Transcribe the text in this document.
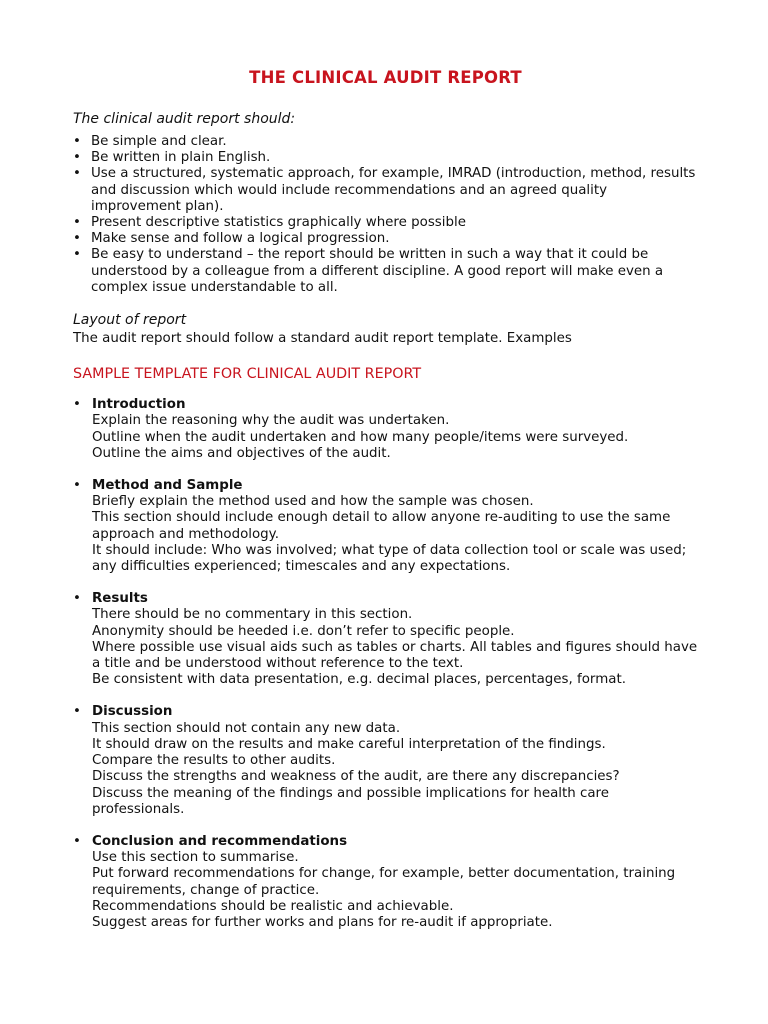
THE CLINICAL AUDIT REPORT
The clinical audit report should:
• Be simple and clear.
• Be written in plain English.
• Use a structured, systematic approach, for example, IMRAD (introduction, method, results and discussion which would include recommendations and an agreed quality improvement plan).
• Present descriptive statistics graphically where possible
• Make sense and follow a logical progression.
• Be easy to understand – the report should be written in such a way that it could be understood by a colleague from a different discipline. A good report will make even a complex issue understandable to all.
Layout of report

The audit report should follow a standard audit report template. Examples

SAMPLE TEMPLATE FOR CLINICAL AUDIT REPORT
• Introduction
Explain the reasoning why the audit was undertaken.
Outline when the audit undertaken and how many people/items were surveyed.
Outline the aims and objectives of the audit.
• Method and Sample
Briefly explain the method used and how the sample was chosen.
This section should include enough detail to allow anyone re-auditing to use the same approach and methodology.
It should include: Who was involved; what type of data collection tool or scale was used; any difficulties experienced; timescales and any expectations.
• Results
There should be no commentary in this section.
Anonymity should be heeded i.e. don’t refer to specific people.
Where possible use visual aids such as tables or charts. All tables and figures should have a title and be understood without reference to the text.
Be consistent with data presentation, e.g. decimal places, percentages, format.
• Discussion
This section should not contain any new data.
It should draw on the results and make careful interpretation of the findings.
Compare the results to other audits.
Discuss the strengths and weakness of the audit, are there any discrepancies?
Discuss the meaning of the findings and possible implications for health care professionals.
• Conclusion and recommendations
Use this section to summarise.
Put forward recommendations for change, for example, better documentation, training requirements, change of practice.
Recommendations should be realistic and achievable.
Suggest areas for further works and plans for re-audit if appropriate.
